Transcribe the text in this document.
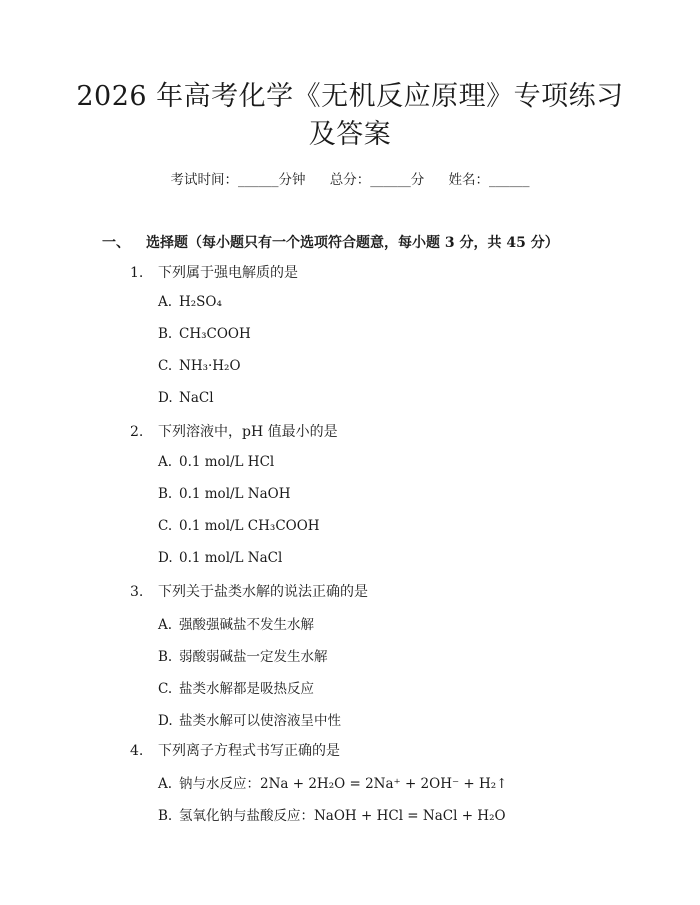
2026 年高考化学《无机反应原理》专项练习
及答案
考试时间：______分钟 总分：______分 姓名：______
一、 选择题（每小题只有一个选项符合题意，每小题 3 分，共 45 分）
1. 下列属于强电解质的是
A. H₂SO₄
B. CH₃COOH
C. NH₃·H₂O
D. NaCl
2. 下列溶液中，pH 值最小的是
A. 0.1 mol/L HCl
B. 0.1 mol/L NaOH
C. 0.1 mol/L CH₃COOH
D. 0.1 mol/L NaCl
3. 下列关于盐类水解的说法正确的是
A. 强酸强碱盐不发生水解
B. 弱酸弱碱盐一定发生水解
C. 盐类水解都是吸热反应
D. 盐类水解可以使溶液呈中性
4. 下列离子方程式书写正确的是
A. 钠与水反应：2Na + 2H₂O = 2Na⁺ + 2OH⁻ + H₂↑
B. 氢氧化钠与盐酸反应：NaOH + HCl = NaCl + H₂O
